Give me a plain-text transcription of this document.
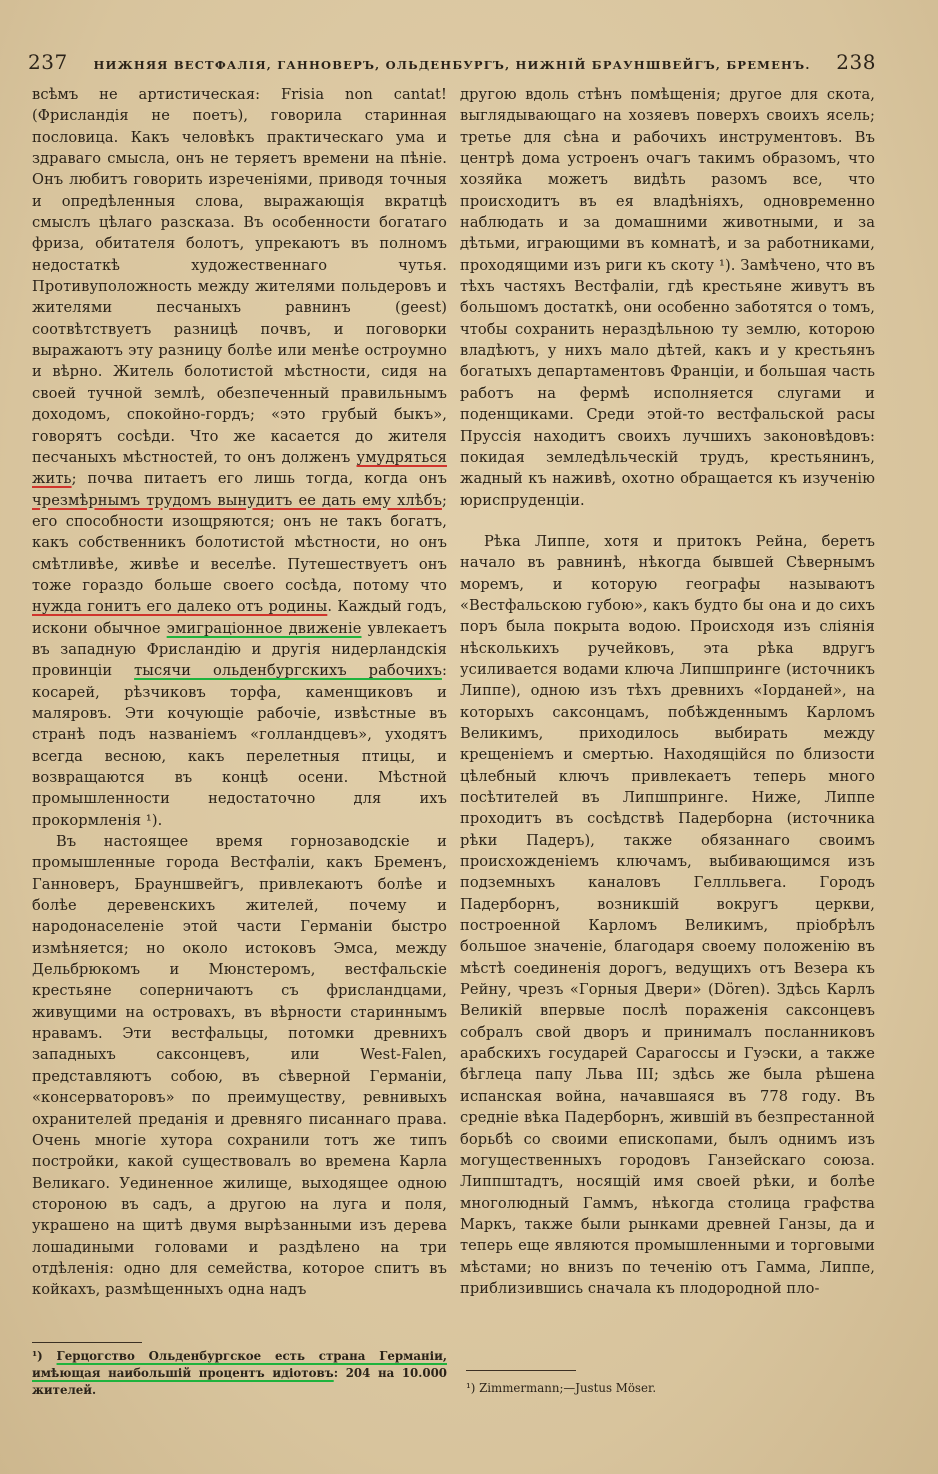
237 НИЖНЯЯ ВЕСТФАЛІЯ, ГАННОВЕРЪ, ОЛЬДЕНБУРГЪ, НИЖНІЙ БРАУНШВЕЙГЪ, БРЕМЕНЪ. 238

всѣмъ не артистическая: Frisia non cantat! (Фрисландія не поетъ), говорила старинная пословица. Какъ человѣкъ практическаго ума и здраваго смысла, онъ не теряетъ времени на пѣніе. Онъ любитъ говорить изреченіями, приводя точныя и опредѣленныя слова, выражающія вкратцѣ смыслъ цѣлаго разсказа. Въ особенности богатаго фриза, обитателя болотъ, упрекаютъ въ полномъ недостаткѣ художественнаго чутья. Противуположность между жителями польдеровъ и жителями песчаныхъ равнинъ (geest) соотвѣтствуетъ разницѣ почвъ, и поговорки выражаютъ эту разницу болѣе или менѣе остроумно и вѣрно. Житель болотистой мѣстности, сидя на своей тучной землѣ, обезпеченный правильнымъ доходомъ, спокойно-гордъ; «это грубый быкъ», говорятъ сосѣди. Что же касается до жителя песчаныхъ мѣстностей, то онъ долженъ умудряться жить; почва питаетъ его лишь тогда, когда онъ чрезмѣрнымъ трудомъ вынудитъ ее дать ему хлѣбъ; его способности изощряются; онъ не такъ богатъ, какъ собственникъ болотистой мѣстности, но онъ смѣтливѣе, живѣе и веселѣе. Путешествуетъ онъ тоже гораздо больше своего сосѣда, потому что нужда гонитъ его далеко отъ родины. Каждый годъ, искони обычное эмиграціонное движеніе увлекаетъ въ западную Фрисландію и другія нидерландскія провинціи тысячи ольденбургскихъ рабочихъ: косарей, рѣзчиковъ торфа, каменщиковъ и маляровъ. Эти кочующіе рабочіе, извѣстные въ странѣ подъ названіемъ «голландцевъ», уходятъ всегда весною, какъ перелетныя птицы, и возвращаются въ концѣ осени. Мѣстной промышленности недостаточно для ихъ прокормленія ¹).

Въ настоящее время горнозаводскіе и промышленные города Вестфаліи, какъ Бременъ, Ганноверъ, Брауншвейгъ, привлекаютъ болѣе и болѣе деревенскихъ жителей, почему и народонаселеніе этой части Германіи быстро измѣняется; но около истоковъ Эмса, между Дельбрюкомъ и Мюнстеромъ, вестфальскіе крестьяне соперничаютъ съ фрисландцами, живущими на островахъ, въ вѣрности стариннымъ нравамъ. Эти вестфальцы, потомки древнихъ западныхъ саксонцевъ, или West-Falen, представляютъ собою, въ сѣверной Германіи, «консерваторовъ» по преимуществу, ревнивыхъ охранителей преданія и древняго писаннаго права. Очень многіе хутора сохранили тотъ же типъ постройки, какой существовалъ во времена Карла Великаго. Уединенное жилище, выходящее одною стороною въ садъ, а другою на луга и поля, украшено на щитѣ двумя вырѣзанными изъ дерева лошадиными головами и раздѣлено на три отдѣленія: одно для семейства, которое спитъ въ койкахъ, размѣщенныхъ одна надъ

¹) Герцогство Ольденбургское есть страна Германіи, имѣющая наибольшій процентъ идіотовъ: 204 на 10.000 жителей.

другою вдоль стѣнъ помѣщенія; другое для скота, выглядывающаго на хозяевъ поверхъ своихъ ясель; третье для сѣна и рабочихъ инструментовъ. Въ центрѣ дома устроенъ очагъ такимъ образомъ, что хозяйка можетъ видѣть разомъ все, что происходитъ въ ея владѣніяхъ, одновременно наблюдать и за домашними животными, и за дѣтьми, играющими въ комнатѣ, и за работниками, проходящими изъ риги къ скоту ¹). Замѣчено, что въ тѣхъ частяхъ Вестфаліи, гдѣ крестьяне живутъ въ большомъ достаткѣ, они особенно заботятся о томъ, чтобы сохранить нераздѣльною ту землю, которою владѣютъ, у нихъ мало дѣтей, какъ и у крестьянъ богатыхъ департаментовъ Франціи, и большая часть работъ на фермѣ исполняется слугами и поденщиками. Среди этой-то вестфальской расы Пруссія находитъ своихъ лучшихъ законовѣдовъ: покидая земледѣльческій трудъ, крестьянинъ, жадный къ наживѣ, охотно обращается къ изученію юриспруденціи.

Рѣка Липпе, хотя и притокъ Рейна, беретъ начало въ равнинѣ, нѣкогда бывшей Сѣвернымъ моремъ, и которую географы называютъ «Вестфальскою губою», какъ будто бы она и до сихъ поръ была покрыта водою. Происходя изъ сліянія нѣсколькихъ ручейковъ, эта рѣка вдругъ усиливается водами ключа Липшпринге (источникъ Липпе), одною изъ тѣхъ древнихъ «Іорданей», на которыхъ саксонцамъ, побѣжденнымъ Карломъ Великимъ, приходилось выбирать между крещеніемъ и смертью. Находящійся по близости цѣлебный ключъ привлекаетъ теперь много посѣтителей въ Липшпринге. Ниже, Липпе проходитъ въ сосѣдствѣ Падерборна (источника рѣки Падеръ), также обязаннаго своимъ происхожденіемъ ключамъ, выбивающимся изъ подземныхъ каналовъ Геллльвега. Городъ Падерборнъ, возникшій вокругъ церкви, построенной Карломъ Великимъ, пріобрѣлъ большое значеніе, благодаря своему положенію въ мѣстѣ соединенія дорогъ, ведущихъ отъ Везера къ Рейну, чрезъ «Горныя Двери» (Dören). Здѣсь Карлъ Великій впервые послѣ пораженія саксонцевъ собралъ свой дворъ и принималъ посланниковъ арабскихъ государей Сарагоссы и Гуэски, а также бѣглеца папу Льва III; здѣсь же была рѣшена испанская война, начавшаяся въ 778 году. Въ средніе вѣка Падерборнъ, жившій въ безпрестанной борьбѣ со своими епископами, былъ однимъ изъ могущественныхъ городовъ Ганзейскаго союза. Липпштадтъ, носящій имя своей рѣки, и болѣе многолюдный Гаммъ, нѣкогда столица графства Маркъ, также были рынками древней Ганзы, да и теперь еще являются промышленными и торговыми мѣстами; но внизъ по теченію отъ Гамма, Липпе, приблизившись сначала къ плодородной пло-

¹) Zimmermann;—Justus Möser.
